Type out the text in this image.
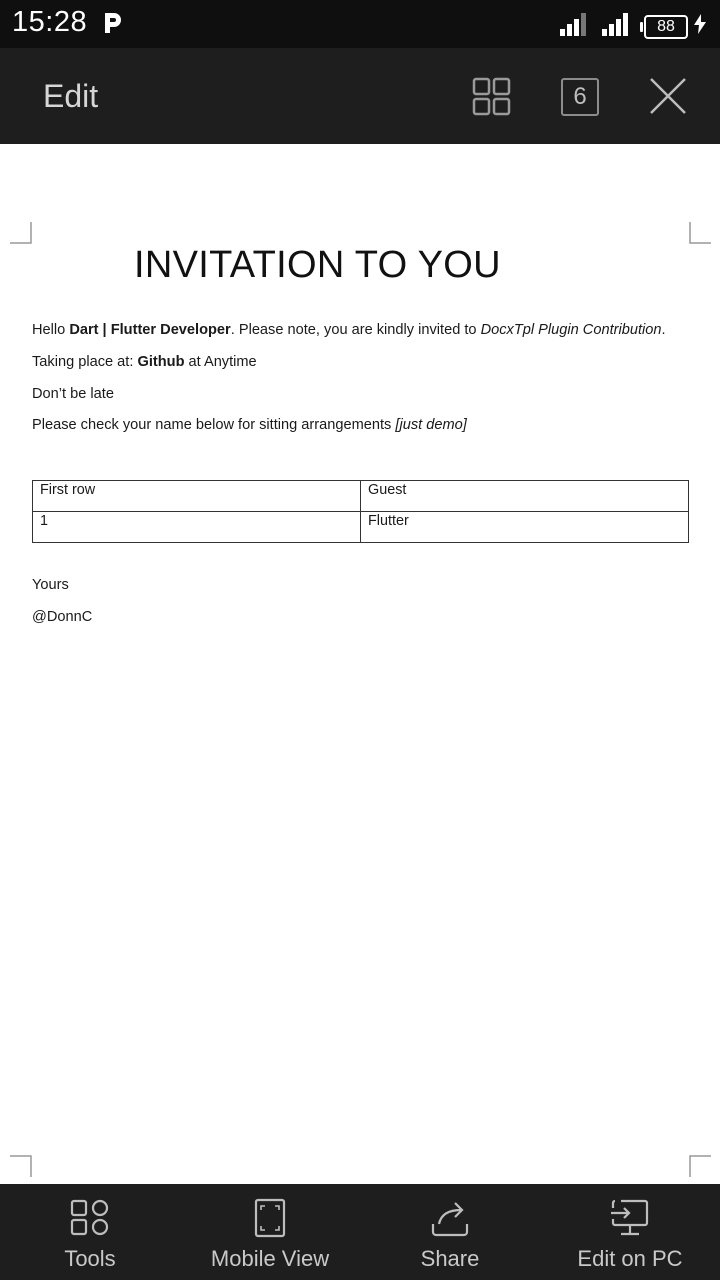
15:28	88
Edit	6
INVITATION TO YOU
Hello Dart | Flutter Developer. Please note, you are kindly invited to DocxTpl Plugin Contribution.
Taking place at: Github at Anytime
Don’t be late
Please check your name below for sitting arrangements [just demo]
First row	Guest
1	Flutter
Yours
@DonnC
Tools	Mobile View	Share	Edit on PC
